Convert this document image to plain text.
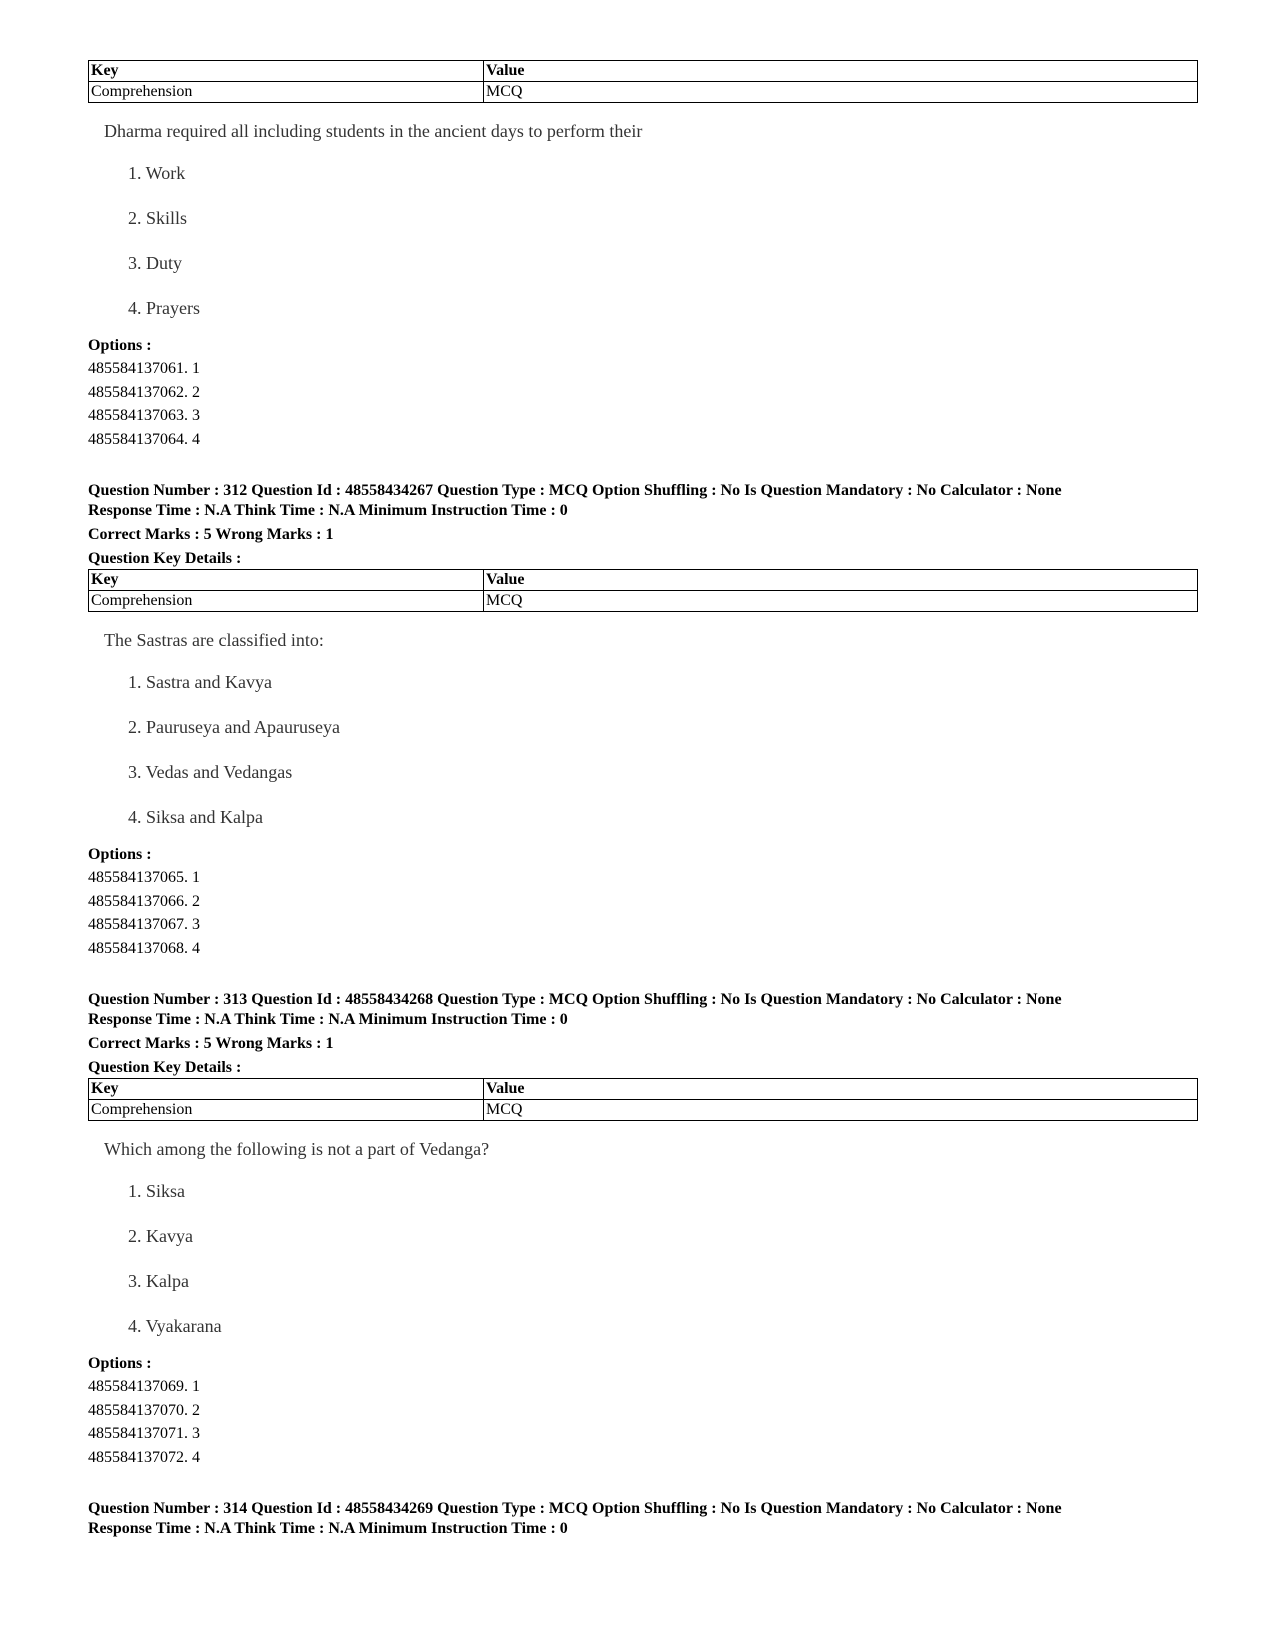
Key	Value
Comprehension	MCQ
Dharma required all including students in the ancient days to perform their
1. Work
2. Skills
3. Duty
4. Prayers
Options :
485584137061. 1
485584137062. 2
485584137063. 3
485584137064. 4
Question Number : 312 Question Id : 48558434267 Question Type : MCQ Option Shuffling : No Is Question Mandatory : No Calculator : None
Response Time : N.A Think Time : N.A Minimum Instruction Time : 0
Correct Marks : 5 Wrong Marks : 1
Question Key Details :
Key	Value
Comprehension	MCQ
The Sastras are classified into:
1. Sastra and Kavya
2. Pauruseya and Apauruseya
3. Vedas and Vedangas
4. Siksa and Kalpa
Options :
485584137065. 1
485584137066. 2
485584137067. 3
485584137068. 4
Question Number : 313 Question Id : 48558434268 Question Type : MCQ Option Shuffling : No Is Question Mandatory : No Calculator : None
Response Time : N.A Think Time : N.A Minimum Instruction Time : 0
Correct Marks : 5 Wrong Marks : 1
Question Key Details :
Key	Value
Comprehension	MCQ
Which among the following is not a part of Vedanga?
1. Siksa
2. Kavya
3. Kalpa
4. Vyakarana
Options :
485584137069. 1
485584137070. 2
485584137071. 3
485584137072. 4
Question Number : 314 Question Id : 48558434269 Question Type : MCQ Option Shuffling : No Is Question Mandatory : No Calculator : None
Response Time : N.A Think Time : N.A Minimum Instruction Time : 0
